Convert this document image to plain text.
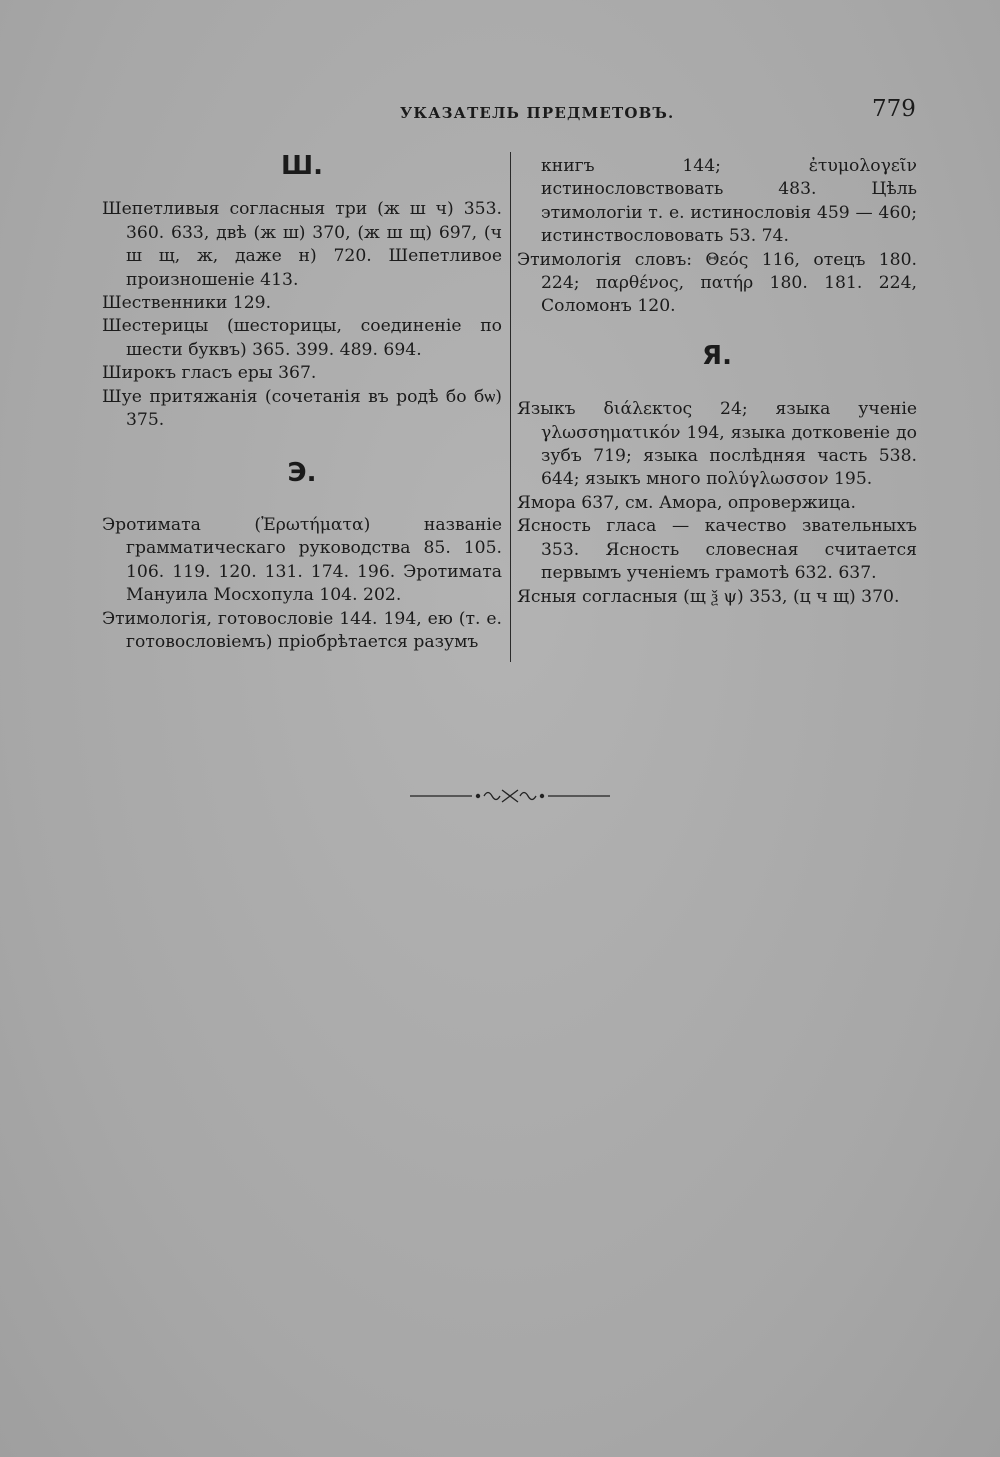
УКАЗАТЕЛЬ ПРЕДМЕТОВЪ.	779

Ш.

Шепетливыя согласныя три (ж ш ч) 353. 360. 633, двѣ (ж ш) 370, (ж ш щ) 697, (ч ш щ, ж, даже н) 720. Шепетливое произношеніе 413.

Шественники 129.

Шестерицы (шесторицы, соединеніе по шести буквъ) 365. 399. 489. 694.

Широкъ гласъ еры 367.

Шуе притяжанія (сочетанія въ родѣ бо бѡ) 375.

Э.

Эротимата (Ἐρωτήματα) названіе грамматическаго руководства 85. 105. 106. 119. 120. 131. 174. 196. Эротимата Мануила Мосхопула 104. 202.

Этимологія, готовословіе 144. 194, ею (т. е. готовословіемъ) пріобрѣтается разумъ

книгъ 144; ἐτυμολογεῖν истинословствовать 483. Цѣль этимологіи т. е. истинословія 459 — 460; истинствослововать 53. 74.

Этимологія словъ: Θεός 116, отецъ 180. 224; παρθένος, πατήρ 180. 181. 224, Соломонъ 120.

Я.

Языкъ διάλεκτος 24; языка ученіе γλωσσηματικόν 194, языка дотковеніе до зубъ 719; языка послѣдняя часть 538. 644; языкъ много πολύγλωσσον 195.

Ямора 637, см. Амора, опровержица.

Ясность гласа — качество звательныхъ 353. Ясность словесная считается первымъ ученіемъ грамотѣ 632. 637.

Ясныя согласныя (щ ѯ ψ) 353, (ц ч щ) 370.
